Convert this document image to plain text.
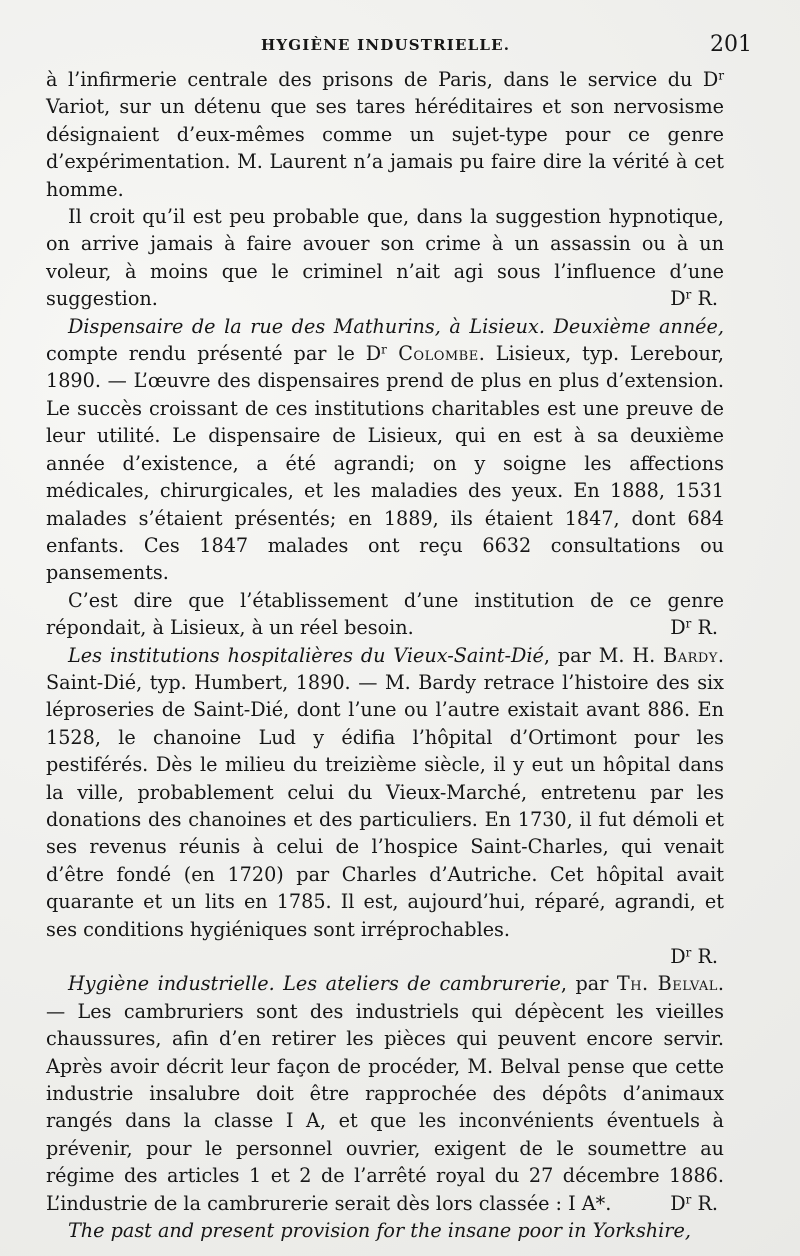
HYGIÈNE INDUSTRIELLE.	201

à l’infirmerie centrale des prisons de Paris, dans le service du $D^r$ Variot, sur un détenu que ses tares héréditaires et son nervosisme désignaient d’eux-mêmes comme un sujet-type pour ce genre d’expérimentation. M. Laurent n’a jamais pu faire dire la vérité à cet homme.

Il croit qu’il est peu probable que, dans la suggestion hypnotique, on arrive jamais à faire avouer son crime à un assassin ou à un voleur, à moins que le criminel n’ait agi sous l’influence d’une suggestion.	$D^r$ R.

Dispensaire de la rue des Mathurins, à Lisieux. Deuxième année, compte rendu présenté par le $D^r$ Colombe. Lisieux, typ. Lerebour, 1890. — L’œuvre des dispensaires prend de plus en plus d’extension. Le succès croissant de ces institutions charitables est une preuve de leur utilité. Le dispensaire de Lisieux, qui en est à sa deuxième année d’existence, a été agrandi; on y soigne les affections médicales, chirurgicales, et les maladies des yeux. En 1888, 1531 malades s’étaient présentés; en 1889, ils étaient 1847, dont 684 enfants. Ces 1847 malades ont reçu 6632 consultations ou pansements.

C’est dire que l’établissement d’une institution de ce genre répondait, à Lisieux, à un réel besoin.	$D^r$ R.

Les institutions hospitalières du Vieux-Saint-Dié, par M. H. Bardy. Saint-Dié, typ. Humbert, 1890. — M. Bardy retrace l’histoire des six léproseries de Saint-Dié, dont l’une ou l’autre existait avant 886. En 1528, le chanoine Lud y édifia l’hôpital d’Ortimont pour les pestiférés. Dès le milieu du treizième siècle, il y eut un hôpital dans la ville, probablement celui du Vieux-Marché, entretenu par les donations des chanoines et des particuliers. En 1730, il fut démoli et ses revenus réunis à celui de l’hospice Saint-Charles, qui venait d’être fondé (en 1720) par Charles d’Autriche. Cet hôpital avait quarante et un lits en 1785. Il est, aujourd’hui, réparé, agrandi, et ses conditions hygiéniques sont irréprochables.

$D^r$ R.

Hygiène industrielle. Les ateliers de cambrurerie, par Th. Belval. — Les cambruriers sont des industriels qui dépècent les vieilles chaussures, afin d’en retirer les pièces qui peuvent encore servir. Après avoir décrit leur façon de procéder, M. Belval pense que cette industrie insalubre doit être rapprochée des dépôts d’animaux rangés dans la classe I A, et que les inconvénients éventuels à prévenir, pour le personnel ouvrier, exigent de le soumettre au régime des articles 1 et 2 de l’arrêté royal du 27 décembre 1886. L’industrie de la cambrurerie serait dès lors classée : I A*.	$D^r$ R.

The past and present provision for the insane poor in Yorkshire,
